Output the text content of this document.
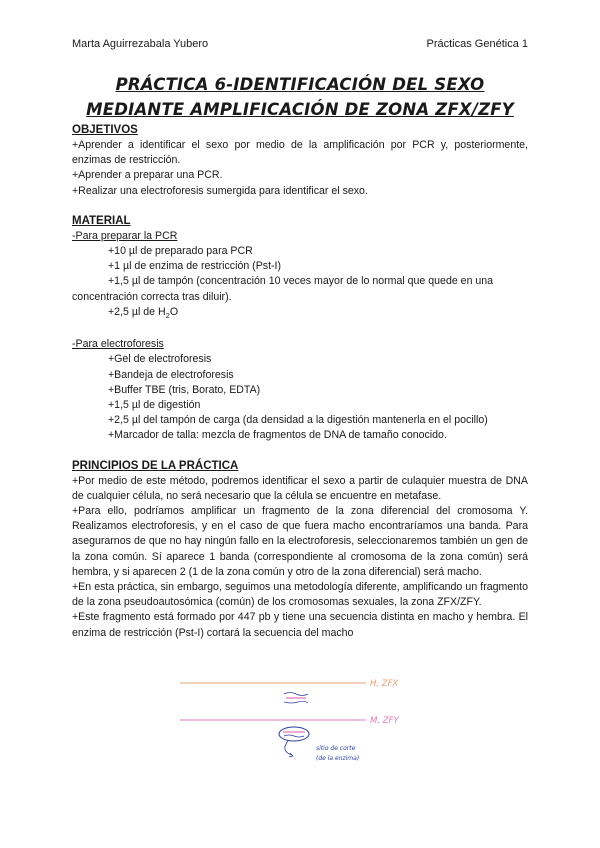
Marta Aguirrezabala Yubero	Prácticas Genética 1
PRÁCTICA 6-IDENTIFICACIÓN DEL SEXO
MEDIANTE AMPLIFICACIÓN DE ZONA ZFX/ZFY
OBJETIVOS
+Aprender a identificar el sexo por medio de la amplificación por PCR y, posteriormente, enzimas de restricción.
+Aprender a preparar una PCR.
+Realizar una electroforesis sumergida para identificar el sexo.
MATERIAL
-Para preparar la PCR
+10 µl de preparado para PCR
+1 µl de enzima de restricción (Pst-I)
+1,5 µl de tampón (concentración 10 veces mayor de lo normal que quede en una
concentración correcta tras diluir).
+2,5 µl de $H_2O$
-Para electroforesis
+Gel de electroforesis
+Bandeja de electroforesis
+Buffer TBE (tris, Borato, EDTA)
+1,5 µl de digestión
+2,5 µl del tampón de carga (da densidad a la digestión mantenerla en el pocillo)
+Marcador de talla: mezcla de fragmentos de DNA de tamaño conocido.
PRINCIPIOS DE LA PRÁCTICA
+Por medio de este método, podremos identificar el sexo a partir de culaquier muestra de DNA de cualquier célula, no será necesario que la célula se encuentre en metafase.
+Para ello, podríamos amplificar un fragmento de la zona diferencial del cromosoma Y. Realizamos electroforesis, y en el caso de que fuera macho encontraríamos una banda. Para asegurarnos de que no hay ningún fallo en la electroforesis, seleccionaremos también un gen de la zona común. Sí aparece 1 banda (correspondiente al cromosoma de la zona común) será hembra, y si aparecen 2 (1 de la zona común y otro de la zona diferencial) será macho.
+En esta práctica, sin embargo, seguimos una metodología diferente, amplificando un fragmento de la zona pseudoautosómica (común) de los cromosomas sexuales, la zona ZFX/ZFY.
+Este fragmento está formado por 447 pb y tiene una secuencia distinta en macho y hembra. El enzima de restricción (Pst-I) cortará la secuencia del macho
H, ZFX
M, ZFY
sitio de corte
(de la enzima)
